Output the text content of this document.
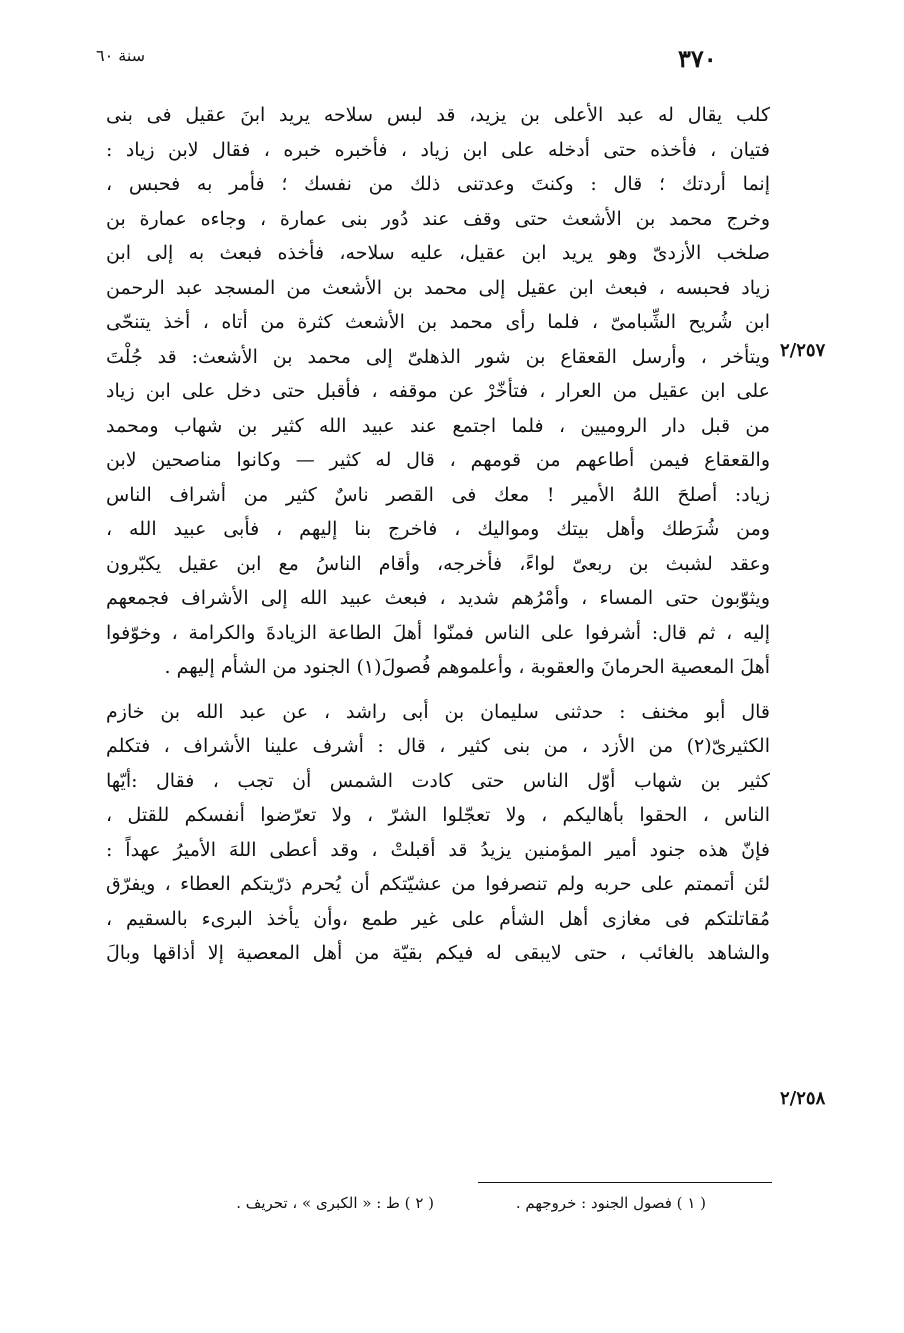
٣٧٠
سنة ٦٠
٢/٢٥٧
٢/٢٥٨
كلب يقال له عبد الأعلى بن يزيد، قد لبس سلاحه يريد ابنَ عقيل فى بنى
فتيان ، فأخذه حتى أدخله على ابن زياد ، فأخبره خبره ، فقال لابن زياد :
إنما أردتك ؛ قال : وكنتَ وعدتنى ذلك من نفسك ؛ فأمر به فحبس ،
وخرج محمد بن الأشعث حتى وقف عند دُور بنى عمارة ، وجاءه عمارة بن
صلخب الأزدىّ وهو يريد ابن عقيل، عليه سلاحه، فأخذه فبعث به إلى ابن
زياد فحبسه ، فبعث ابن عقيل إلى محمد بن الأشعث من المسجد عبد الرحمن
ابن شُريح الشِّبامىّ ، فلما رأى محمد بن الأشعث كثرة من أتاه ، أخذ يتنحّى
ويتأخر ، وأرسل القعقاع بن شور الذهلىّ إلى محمد بن الأشعث: قد جُلْتَ
على ابن عقيل من العرار ، فتأخّرْ عن موقفه ، فأقبل حتى دخل على ابن زياد
من قبل دار الروميين ، فلما اجتمع عند عبيد الله كثير بن شهاب ومحمد
والقعقاع فيمن أطاعهم من قومهم ، قال له كثير — وكانوا مناصحين لابن
زياد: أصلحَ اللهُ الأمير ! معك فى القصر ناسٌ كثير من أشراف الناس
ومن شُرَطك وأهل بيتك ومواليك ، فاخرج بنا إليهم ، فأبى عبيد الله ،
وعقد لشبث بن ربعىّ لواءً، فأخرجه، وأقام الناسُ مع ابن عقيل يكبّرون
ويثوّبون حتى المساء ، وأمْرُهم شديد ، فبعث عبيد الله إلى الأشراف فجمعهم
إليه ، ثم قال: أشرفوا على الناس فمنّوا أهلَ الطاعة الزيادةَ والكرامة ، وخوّفوا
أهلَ المعصية الحرمانَ والعقوبة ، وأعلموهم فُصولَ(١) الجنود من الشأم إليهم .
قال أبو مخنف : حدثنى سليمان بن أبى راشد ، عن عبد الله بن خازم
الكثيرىّ(٢) من الأزد ، من بنى كثير ، قال : أشرف علينا الأشراف ، فتكلم
كثير بن شهاب أوّل الناس حتى كادت الشمس أن تجب ، فقال :أيّها
الناس ، الحقوا بأهاليكم ، ولا تعجّلوا الشرّ ، ولا تعرّضوا أنفسكم للقتل ،
فإنّ هذه جنود أمير المؤمنين يزيدُ قد أقبلتْ ، وقد أعطى اللهَ الأميرُ عهداً :
لئن أتممتم على حربه ولم تنصرفوا من عشيّتكم أن يُحرم ذرّيتكم العطاء ، ويفرّق
مُقاتلتكم فى مغازى أهل الشأم على غير طمع ،وأن يأخذ البرىء بالسقيم ،
والشاهد بالغائب ، حتى لايبقى له فيكم بقيّة من أهل المعصية إلا أذاقها وبالَ
( ١ ) فصول الجنود : خروجهم .
( ٢ ) ط : « الكبرى » ، تحريف .
